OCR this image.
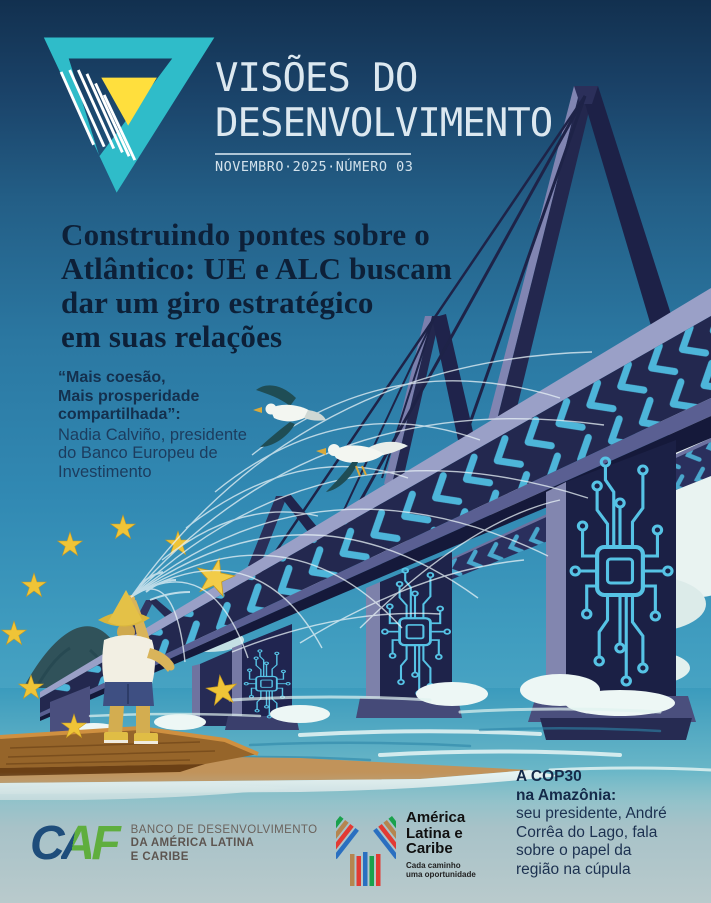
VISÕES DO
DESENVOLVIMENTO
NOVEMBRO·2025·NÚMERO 03
Construindo pontes sobre o
Atlântico: UE e ALC buscam
dar um giro estratégico
em suas relações
“Mais coesão,
Mais prosperidade
compartilhada”:
Nadia Calviño, presidente
do Banco Europeu de
Investimento
A COP30
na Amazônia:
seu presidente, André
Corrêa do Lago, fala
sobre o papel da
região na cúpula
CAF BANCO DE DESENVOLVIMENTO
DA AMÉRICA LATINA
E CARIBE
América
Latina e
Caribe
Cada caminho
uma oportunidade
